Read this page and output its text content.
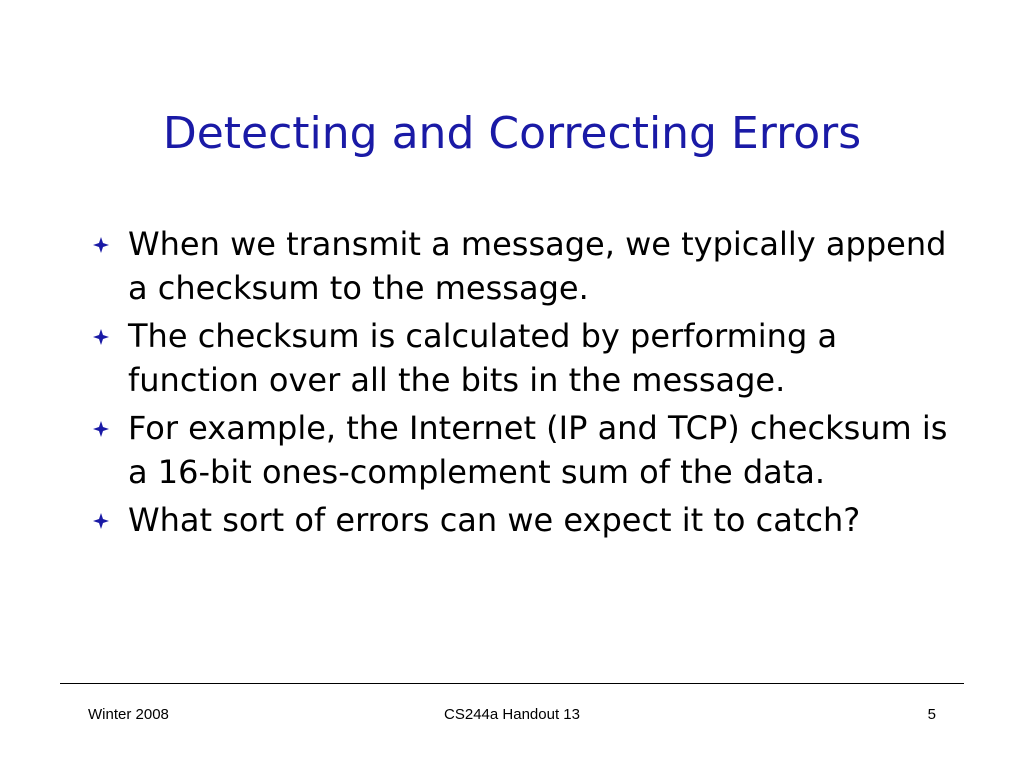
Detecting and Correcting Errors
When we transmit a message, we typically append a checksum to the message.
The checksum is calculated by performing a function over all the bits in the message.
For example, the Internet (IP and TCP) checksum is a 16-bit ones-complement sum of the data.
What sort of errors can we expect it to catch?
Winter 2008	CS244a Handout 13	5
